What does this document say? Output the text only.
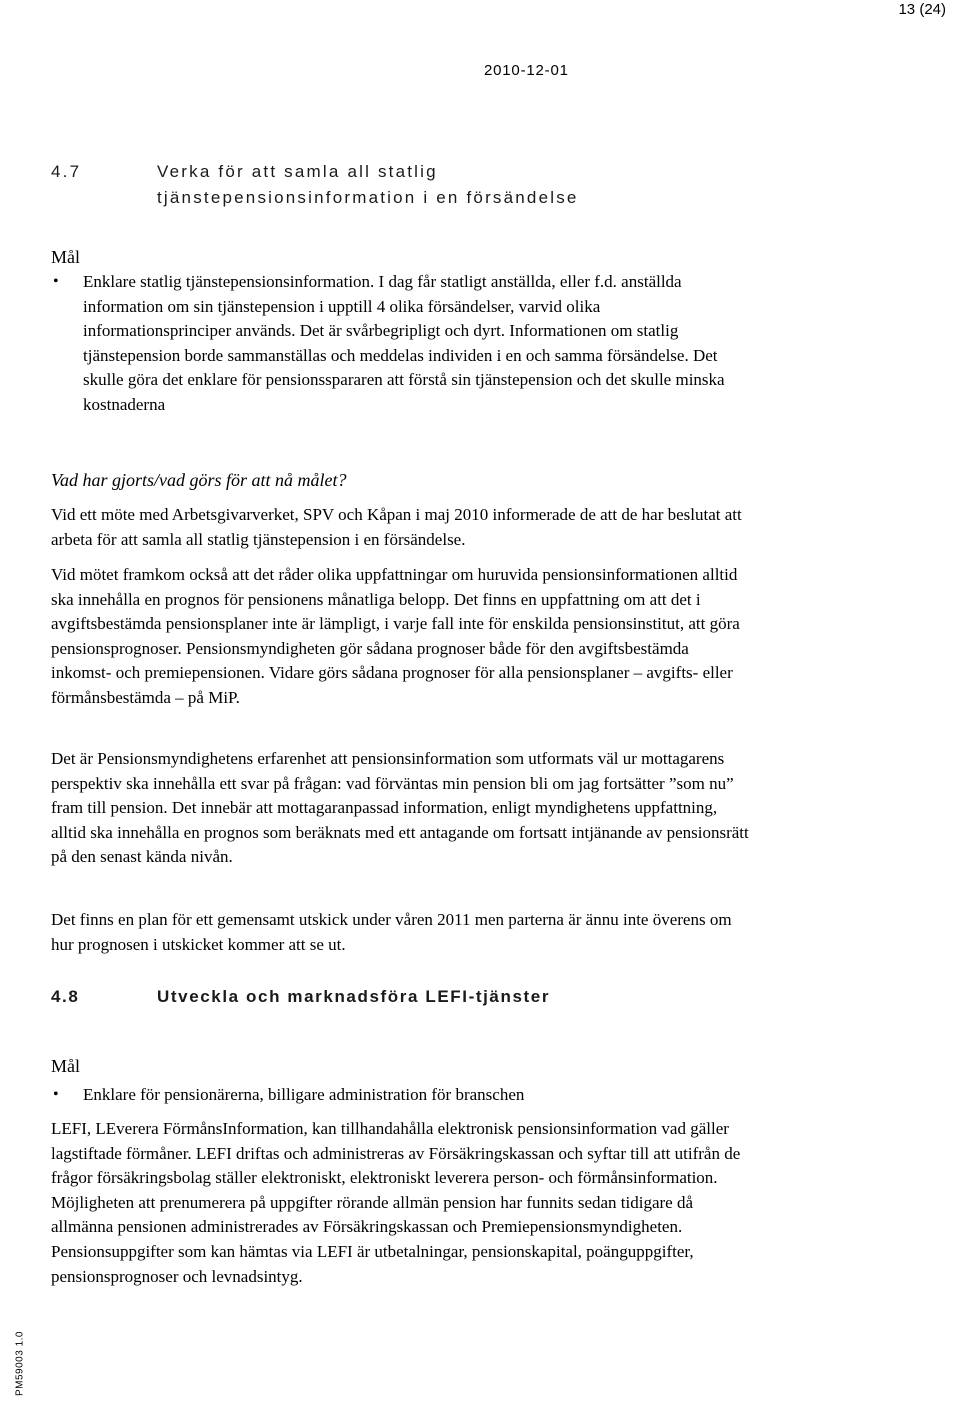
13 (24)
2010-12-01
4.7	Verka för att samla all statlig
tjänstepensionsinformation i en försändelse
Mål
• Enklare statlig tjänstepensionsinformation. I dag får statligt anställda, eller f.d. anställda information om sin tjänstepension i upptill 4 olika försändelser, varvid olika informationsprinciper används. Det är svårbegripligt och dyrt. Informationen om statlig tjänstepension borde sammanställas och meddelas individen i en och samma försändelse. Det skulle göra det enklare för pensionsspararen att förstå sin tjänstepension och det skulle minska kostnaderna
Vad har gjorts/vad görs för att nå målet?

Vid ett möte med Arbetsgivarverket, SPV och Kåpan i maj 2010 informerade de att de har beslutat att arbeta för att samla all statlig tjänstepension i en försändelse.

Vid mötet framkom också att det råder olika uppfattningar om huruvida pensionsinformationen alltid ska innehålla en prognos för pensionens månatliga belopp. Det finns en uppfattning om att det i avgiftsbestämda pensionsplaner inte är lämpligt, i varje fall inte för enskilda pensionsinstitut, att göra pensionsprognoser. Pensionsmyndigheten gör sådana prognoser både för den avgiftsbestämda inkomst- och premiepensionen. Vidare görs sådana prognoser för alla pensionsplaner – avgifts- eller förmånsbestämda – på MiP.

Det är Pensionsmyndighetens erfarenhet att pensionsinformation som utformats väl ur mottagarens perspektiv ska innehålla ett svar på frågan: vad förväntas min pension bli om jag fortsätter ”som nu” fram till pension. Det innebär att mottagaranpassad information, enligt myndighetens uppfattning, alltid ska innehålla en prognos som beräknats med ett antagande om fortsatt intjänande av pensionsrätt på den senast kända nivån.

Det finns en plan för ett gemensamt utskick under våren 2011 men parterna är ännu inte överens om hur prognosen i utskicket kommer att se ut.

4.8	Utveckla och marknadsföra LEFI-tjänster
Mål
• Enklare för pensionärerna, billigare administration för branschen

LEFI, LEverera FörmånsInformation, kan tillhandahålla elektronisk pensionsinformation vad gäller lagstiftade förmåner. LEFI driftas och administreras av Försäkringskassan och syftar till att utifrån de frågor försäkringsbolag ställer elektroniskt, elektroniskt leverera person- och förmånsinformation. Möjligheten att prenumerera på uppgifter rörande allmän pension har funnits sedan tidigare då allmänna pensionen administrerades av Försäkringskassan och Premiepensionsmyndigheten. Pensionsuppgifter som kan hämtas via LEFI är utbetalningar, pensionskapital, poänguppgifter, pensionsprognoser och levnadsintyg.

PM59003 1.0
